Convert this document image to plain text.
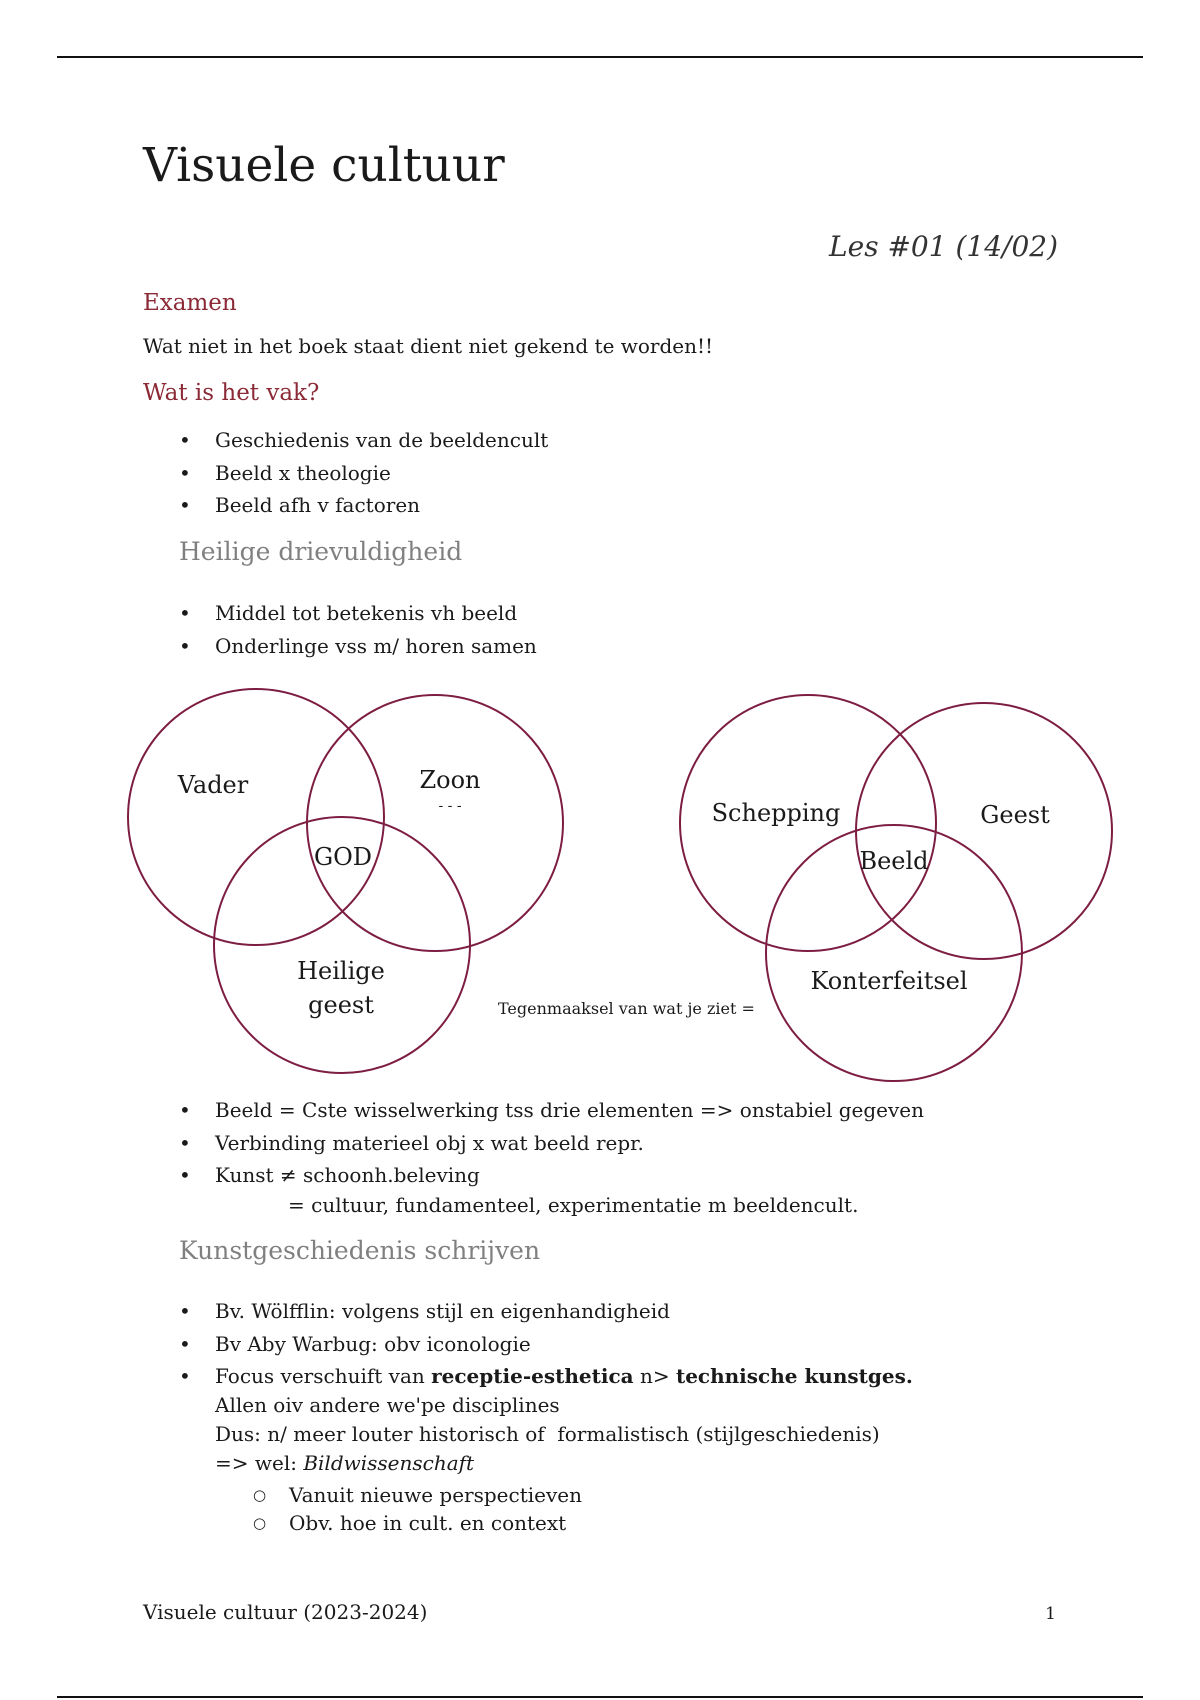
Visuele cultuur
Les #01 (14/02)
Examen
Wat niet in het boek staat dient niet gekend te worden!!
Wat is het vak?
• Geschiedenis van de beeldencult
• Beeld x theologie
• Beeld afh v factoren
Heilige drievuldigheid
• Middel tot betekenis vh beeld
• Onderlinge vss m/ horen samen
Vader	Zoon
- - -
GOD
Heilige
geest	Tegenmaaksel van wat je ziet =
Schepping	Geest
Beeld
Konterfeitsel
• Beeld = Cste wisselwerking tss drie elementen => onstabiel gegeven
• Verbinding materieel obj x wat beeld repr.
• Kunst ≠ schoonh.beleving
= cultuur, fundamenteel, experimentatie m beeldencult.
Kunstgeschiedenis schrijven
• Bv. Wölfflin: volgens stijl en eigenhandigheid
• Bv Aby Warbug: obv iconologie
• Focus verschuift van receptie-esthetica n> technische kunstges.
Allen oiv andere we'pe disciplines
Dus: n/ meer louter historisch of  formalistisch (stijlgeschiedenis)
=> wel: Bildwissenschaft
○ Vanuit nieuwe perspectieven
○ Obv. hoe in cult. en context
Visuele cultuur (2023-2024)	1
